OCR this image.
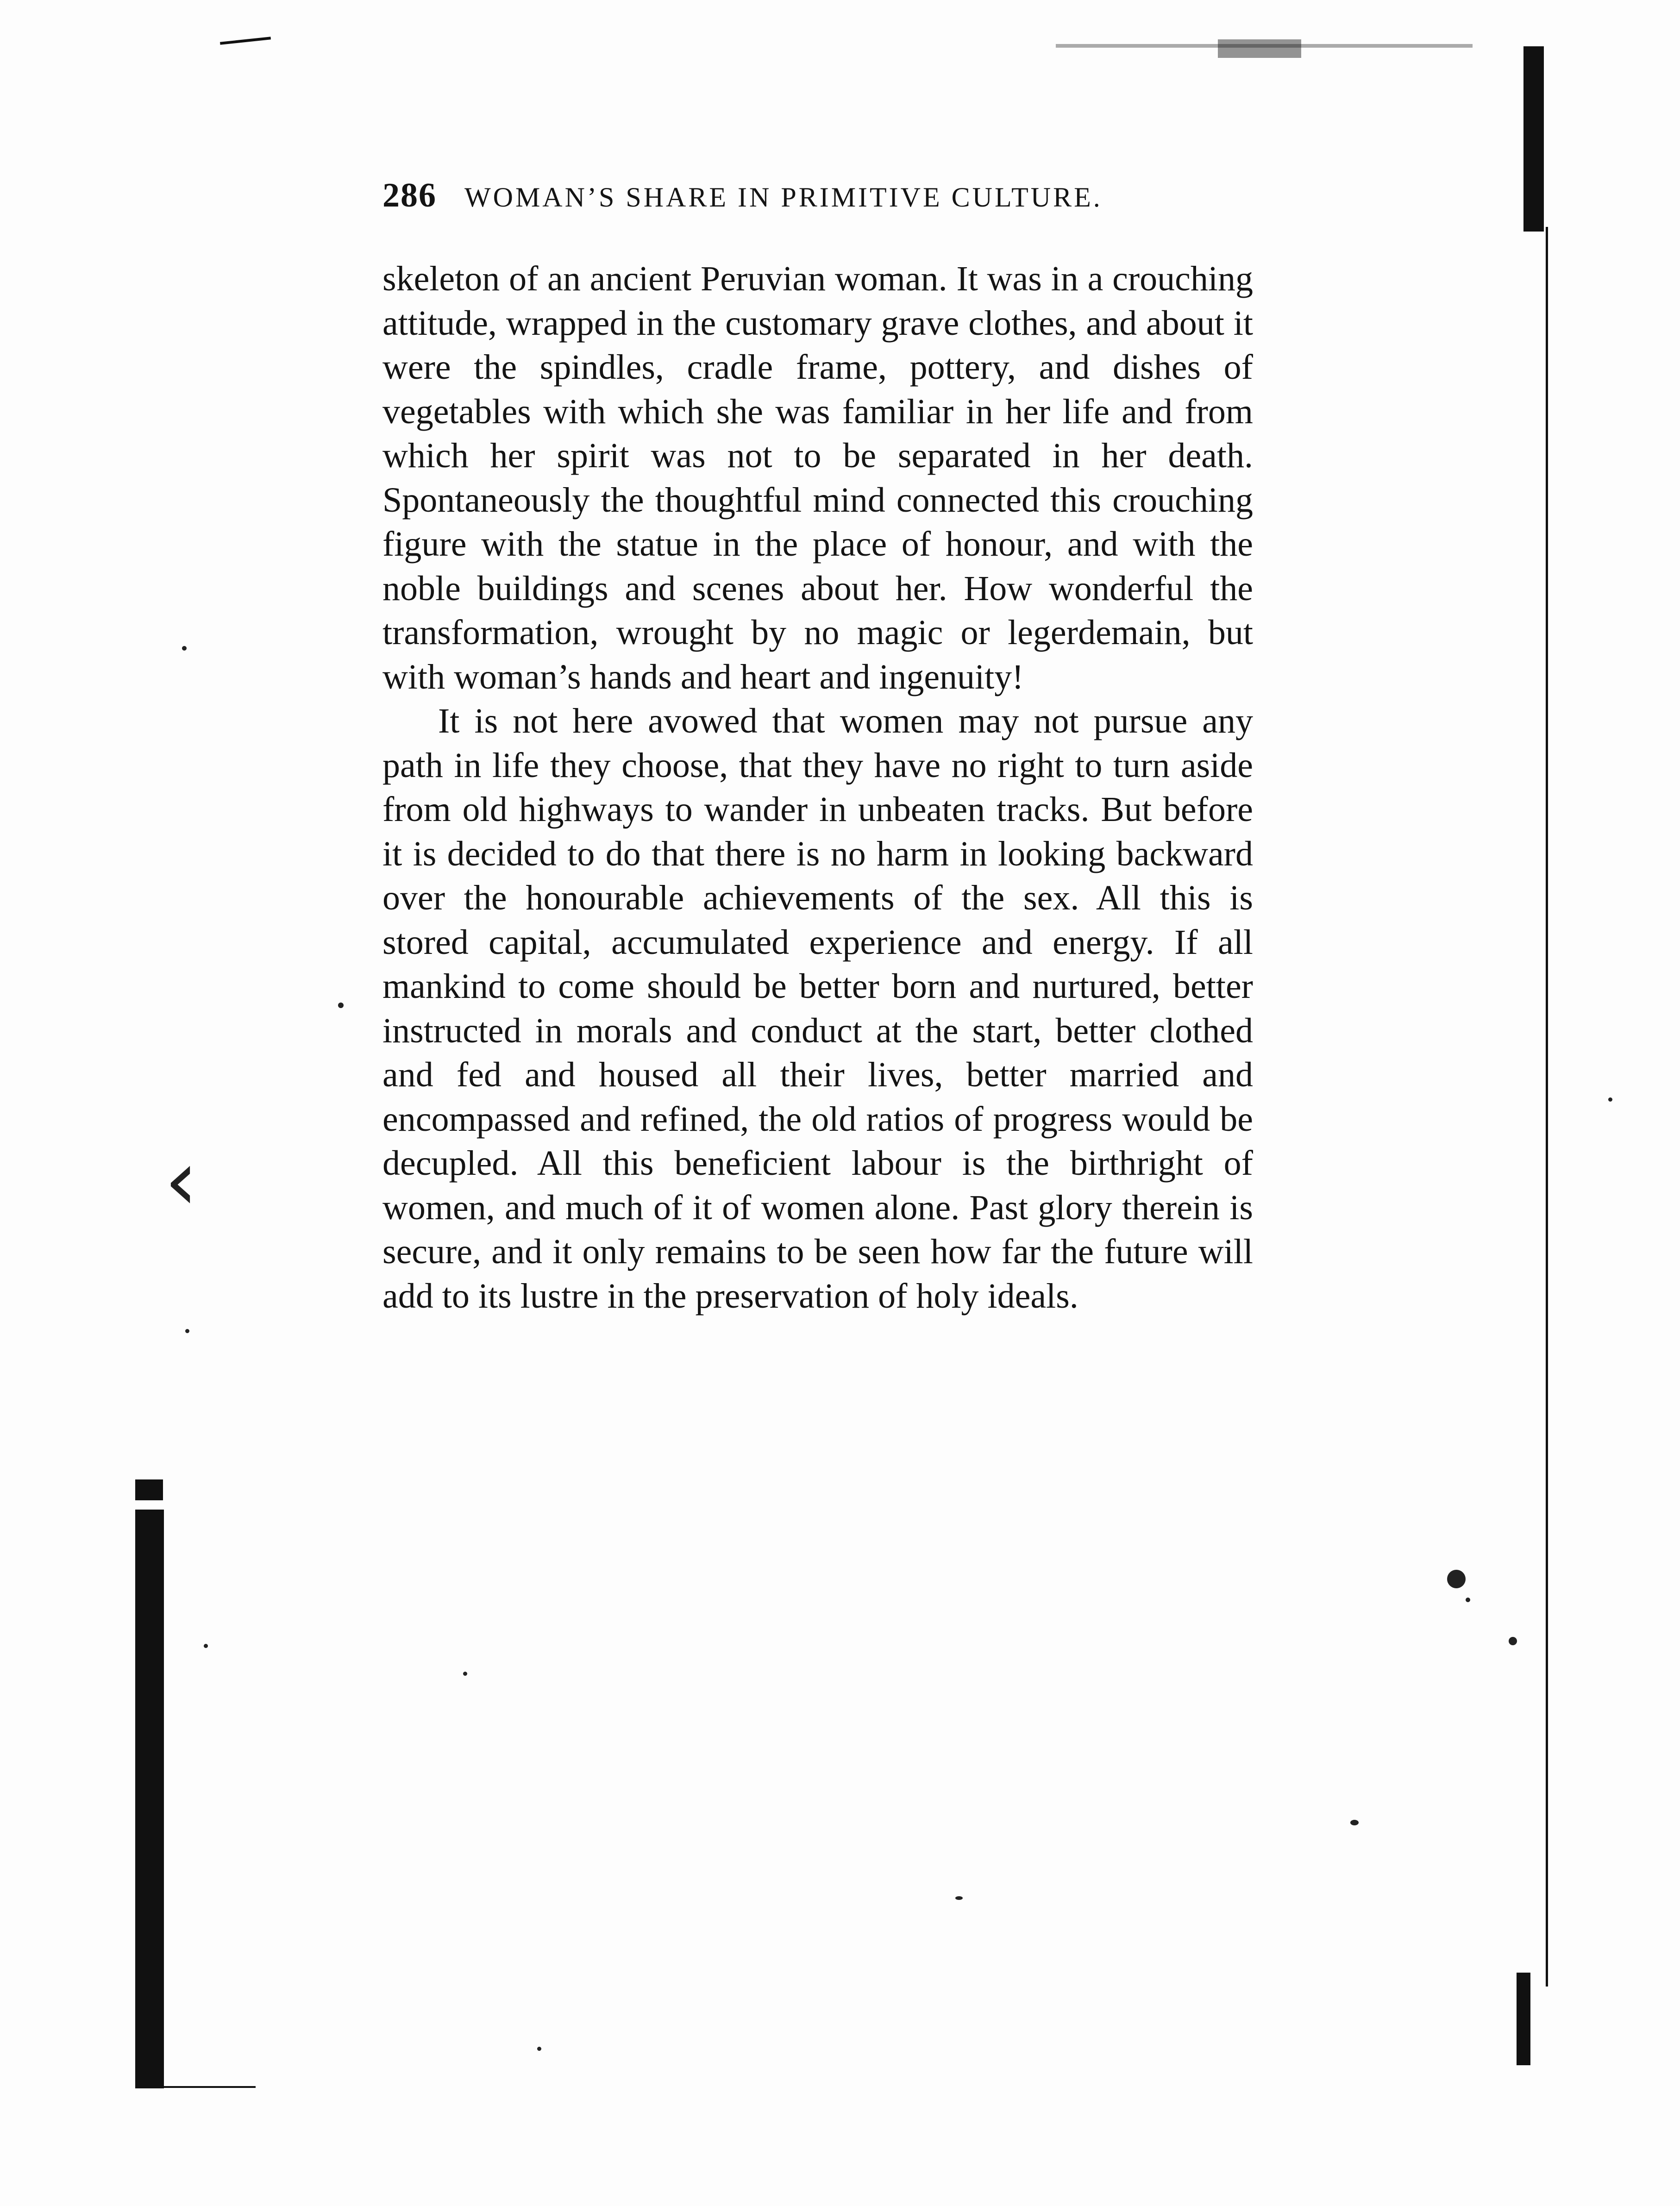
‹
286 WOMAN’S SHARE IN PRIMITIVE CULTURE.

skeleton of an ancient Peruvian woman. It was in a crouching attitude, wrapped in the customary grave clothes, and about it were the spindles, cradle frame, pottery, and dishes of vegetables with which she was familiar in her life and from which her spirit was not to be separated in her death. Spontaneously the thoughtful mind connected this crouching figure with the statue in the place of honour, and with the noble buildings and scenes about her. How wonderful the transformation, wrought by no magic or legerdemain, but with woman’s hands and heart and ingenuity!

It is not here avowed that women may not pursue any path in life they choose, that they have no right to turn aside from old highways to wander in unbeaten tracks. But before it is decided to do that there is no harm in looking backward over the honourable achievements of the sex. All this is stored capital, accumulated experience and energy. If all mankind to come should be better born and nurtured, better instructed in morals and conduct at the start, better clothed and fed and housed all their lives, better married and encompassed and refined, the old ratios of progress would be decupled. All this beneficient labour is the birthright of women, and much of it of women alone. Past glory therein is secure, and it only remains to be seen how far the future will add to its lustre in the preservation of holy ideals.
